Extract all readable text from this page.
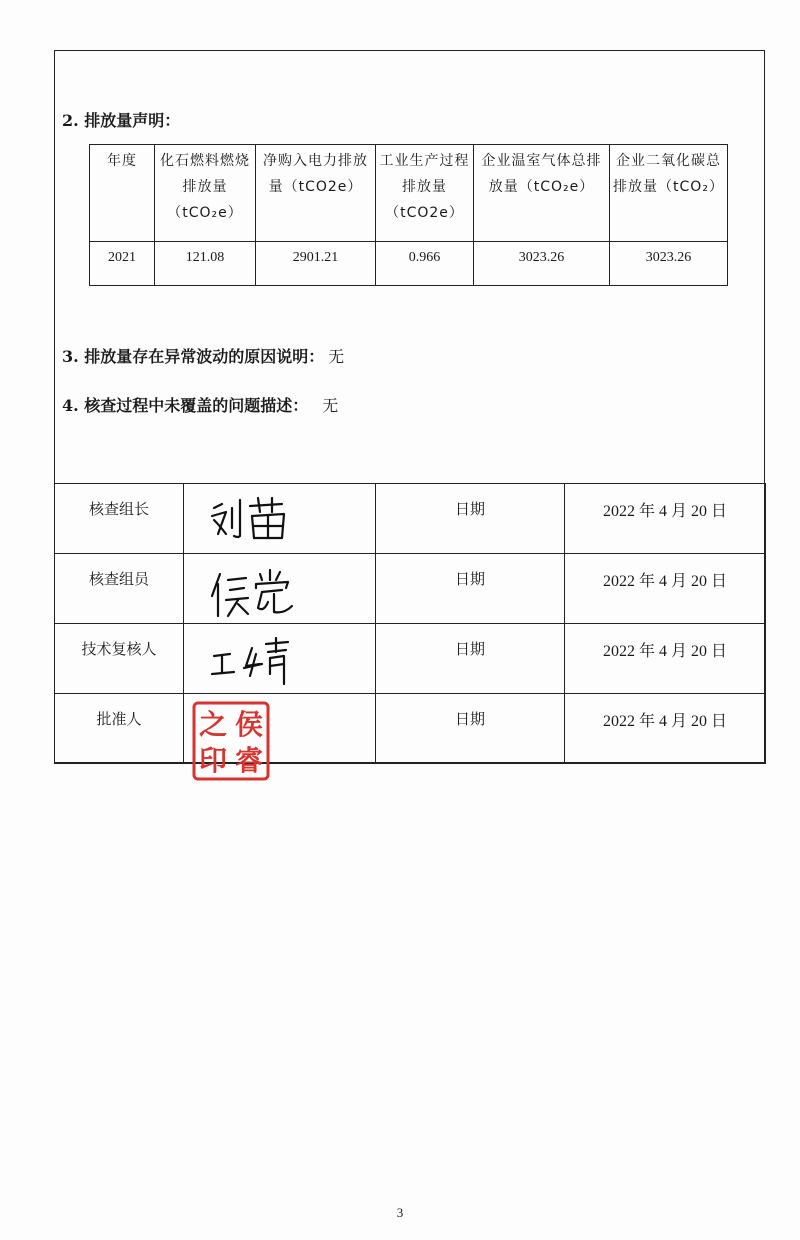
2. 排放量声明：
年度	化石燃料燃烧排放量（tCO₂e）	净购入电力排放量（tCO2e）	工业生产过程排放量（tCO2e）	企业温室气体总排放量（tCO₂e）	企业二氧化碳总排放量（tCO₂）
2021	121.08	2901.21	0.966	3023.26	3023.26
3. 排放量存在异常波动的原因说明： 无
4. 核查过程中未覆盖的问题描述： 无
核查组长		日期	2022 年 4 月 20 日
核查组员		日期	2022 年 4 月 20 日
技术复核人		日期	2022 年 4 月 20 日
批准人		日期	2022 年 4 月 20 日
侯
睿
之
印
3
